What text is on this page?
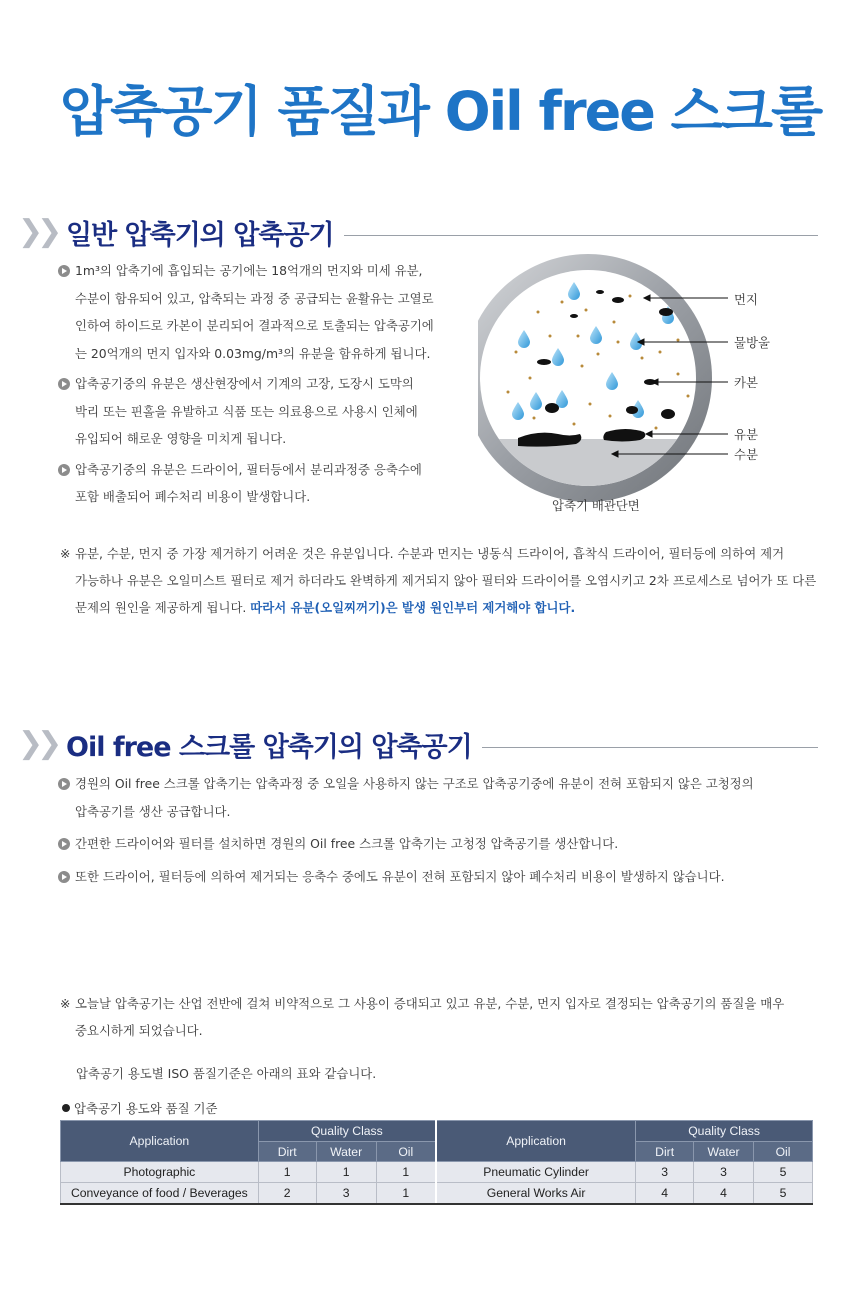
압축공기 품질과 Oil free 스크롤
❯❯ 일반 압축기의 압축공기
1m³의 압축기에 흡입되는 공기에는 18억개의 먼지와 미세 유분,
수분이 함유되어 있고, 압축되는 과정 중 공급되는 윤활유는 고열로
인하여 하이드로 카본이 분리되어 결과적으로 토출되는 압축공기에
는 20억개의 먼지 입자와 0.03mg/m³의 유분을 함유하게 됩니다.
압축공기중의 유분은 생산현장에서 기계의 고장, 도장시 도막의
박리 또는 핀홀을 유발하고 식품 또는 의료용으로 사용시 인체에
유입되어 해로운 영향을 미치게 됩니다.
압축공기중의 유분은 드라이어, 필터등에서 분리과정중 응축수에
포함 배출되어 폐수처리 비용이 발생합니다.
먼지
물방울
카본
유분
수분
압축기 배관단면
※ 유분, 수분, 먼지 중 가장 제거하기 어려운 것은 유분입니다. 수분과 먼지는 냉동식 드라이어, 흡착식 드라이어, 필터등에 의하여 제거
가능하나 유분은 오일미스트 필터로 제거 하더라도 완벽하게 제거되지 않아 필터와 드라이어를 오염시키고 2차 프로세스로 넘어가 또 다른
문제의 원인을 제공하게 됩니다. 따라서 유분(오일찌꺼기)은 발생 원인부터 제거해야 합니다.
❯❯ Oil free 스크롤 압축기의 압축공기
경원의 Oil free 스크롤 압축기는 압축과정 중 오일을 사용하지 않는 구조로 압축공기중에 유분이 전혀 포함되지 않은 고청정의
압축공기를 생산 공급합니다.
간편한 드라이어와 필터를 설치하면 경원의 Oil free 스크롤 압축기는 고청정 압축공기를 생산합니다.
또한 드라이어, 필터등에 의하여 제거되는 응축수 중에도 유분이 전혀 포함되지 않아 폐수처리 비용이 발생하지 않습니다.
※ 오늘날 압축공기는 산업 전반에 걸쳐 비약적으로 그 사용이 증대되고 있고 유분, 수분, 먼지 입자로 결정되는 압축공기의 품질을 매우
중요시하게 되었습니다.
압축공기 용도별 ISO 품질기준은 아래의 표와 같습니다.
압축공기 용도와 품질 기준
Application	Quality Class			Application	Quality Class		
	Dirt	Water	Oil		Dirt	Water	Oil
Photographic	1	1	1	Pneumatic Cylinder	3	3	5
Conveyance of food / Beverages	2	3	1	General Works Air	4	4	5
